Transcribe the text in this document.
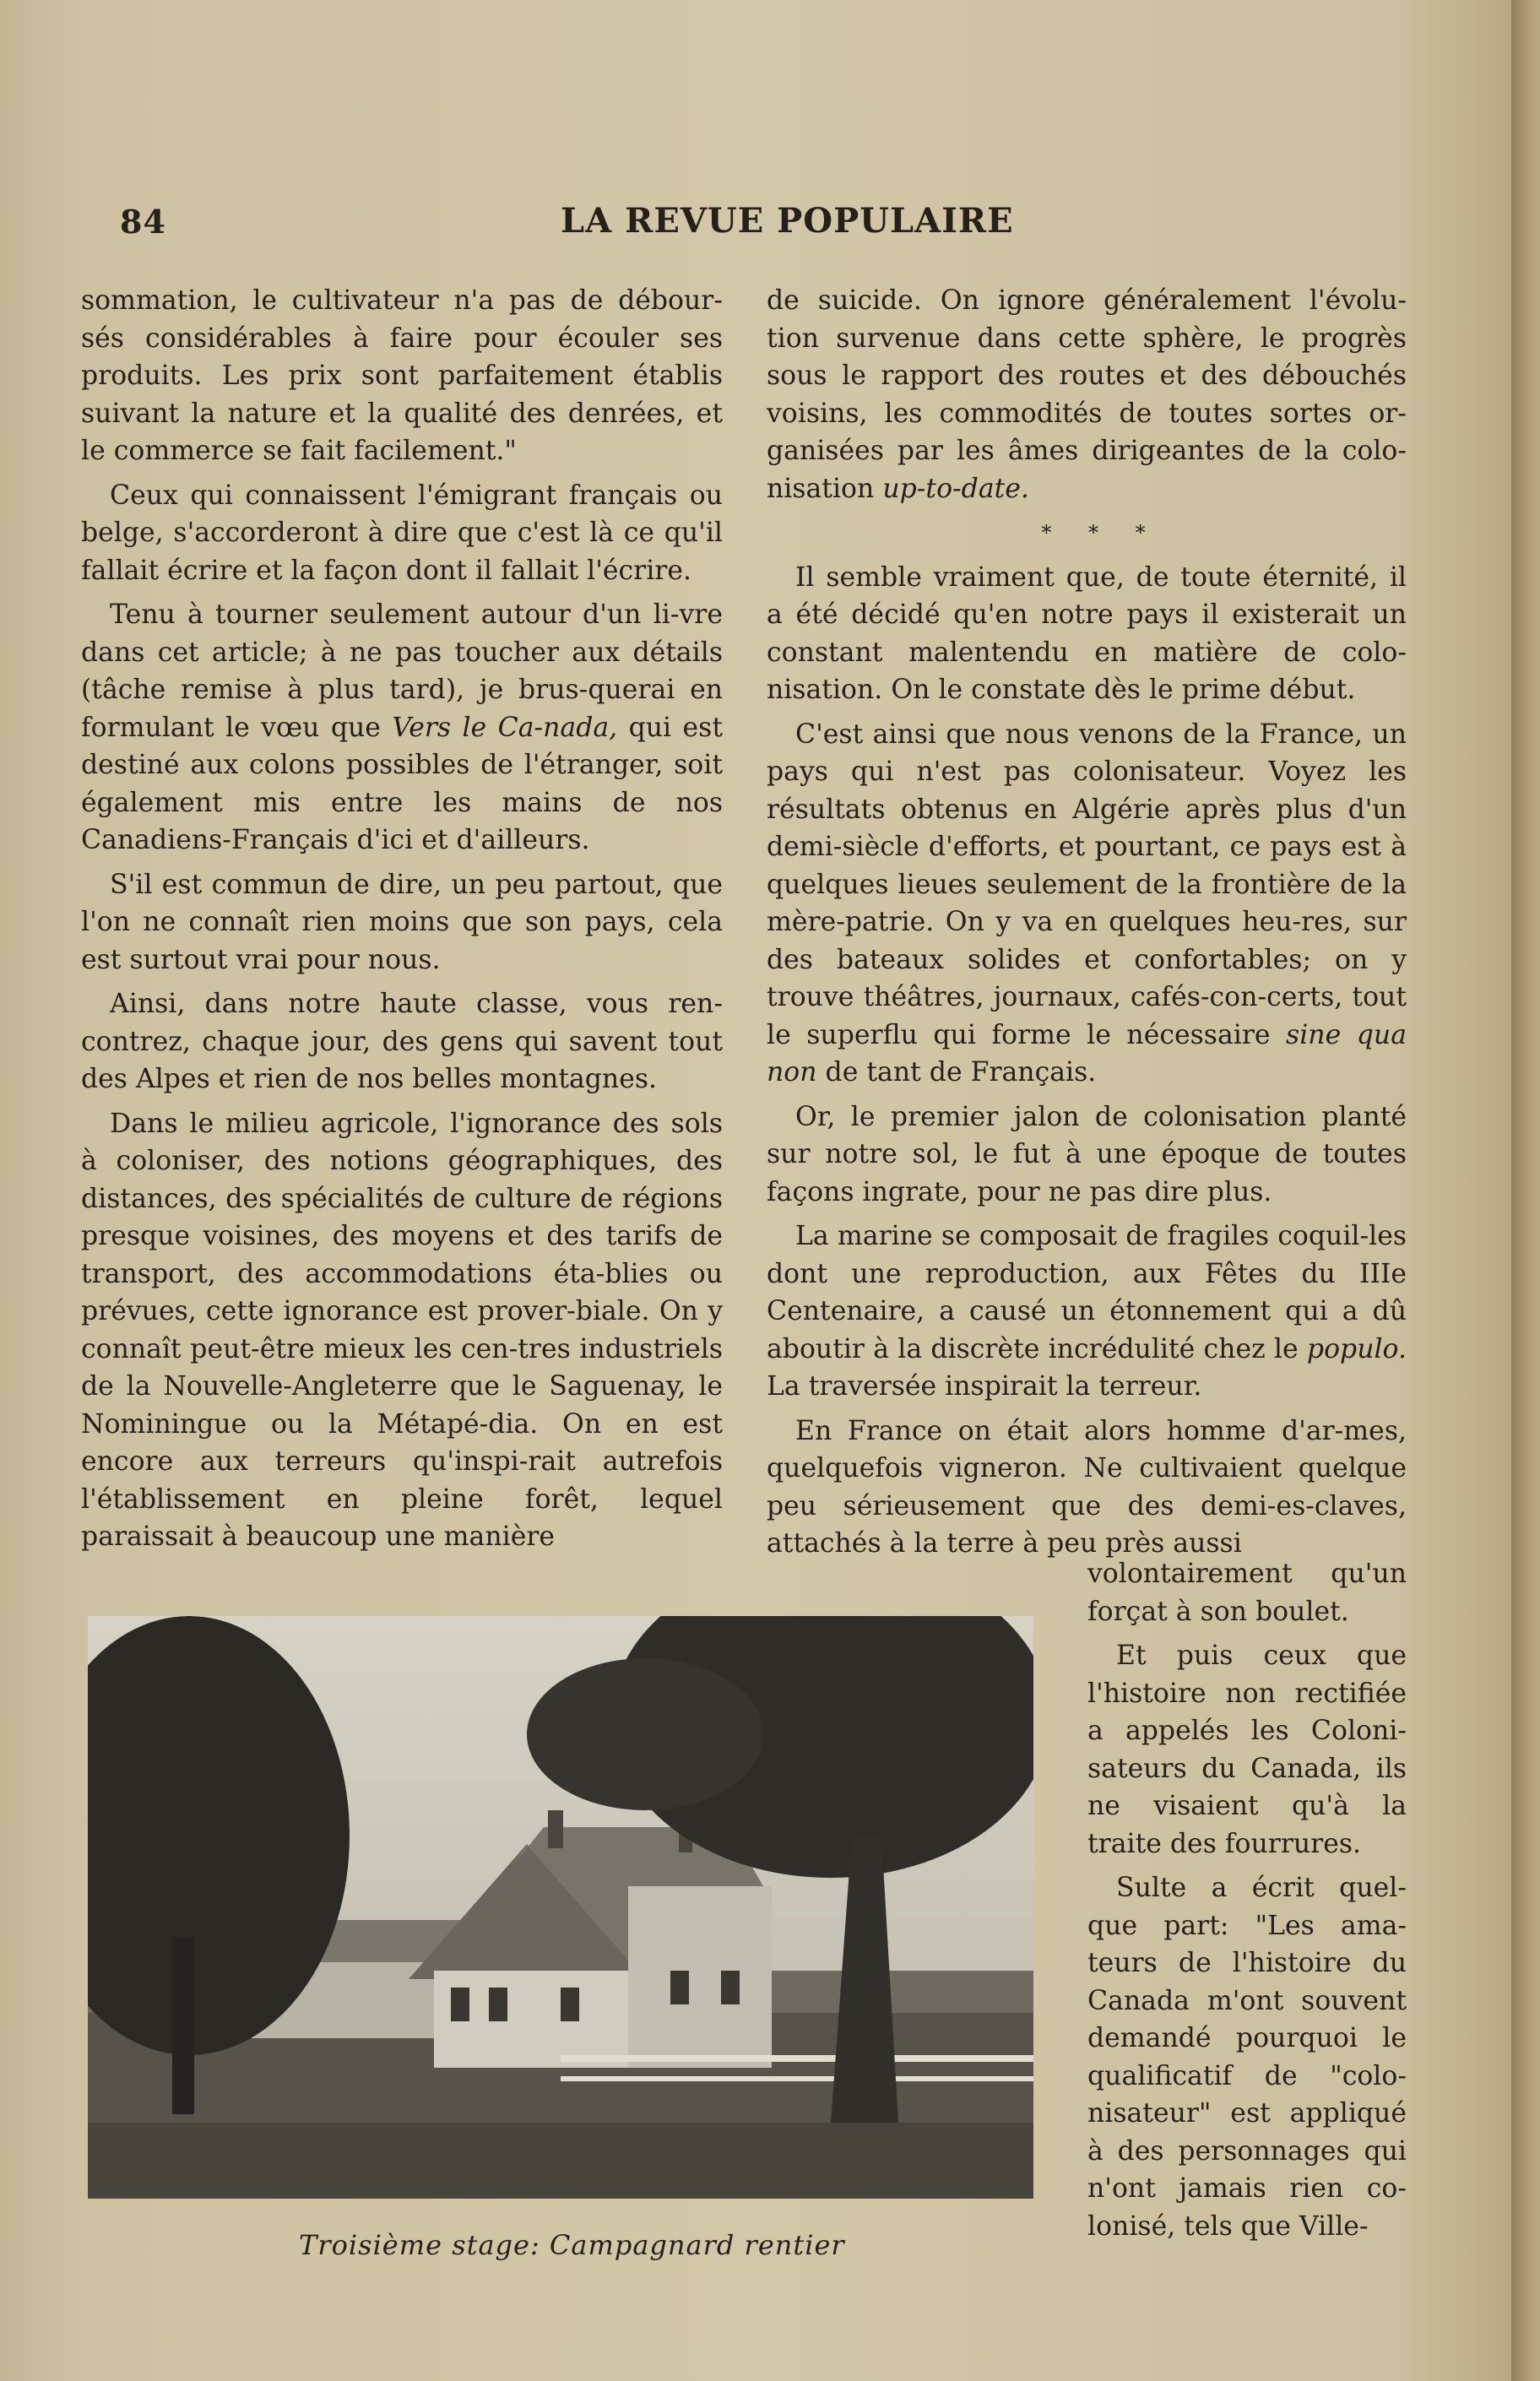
84	LA REVUE POPULAIRE

sommation, le cultivateur n'a pas de débour-sés considérables à faire pour écouler ses produits. Les prix sont parfaitement établis suivant la nature et la qualité des denrées, et le commerce se fait facilement."

Ceux qui connaissent l'émigrant français ou belge, s'accorderont à dire que c'est là ce qu'il fallait écrire et la façon dont il fallait l'écrire.

Tenu à tourner seulement autour d'un li-vre dans cet article; à ne pas toucher aux détails (tâche remise à plus tard), je brus-querai en formulant le vœu que Vers le Ca-nada, qui est destiné aux colons possibles de l'étranger, soit également mis entre les mains de nos Canadiens-Français d'ici et d'ailleurs.

S'il est commun de dire, un peu partout, que l'on ne connaît rien moins que son pays, cela est surtout vrai pour nous.

Ainsi, dans notre haute classe, vous ren-contrez, chaque jour, des gens qui savent tout des Alpes et rien de nos belles montagnes.

Dans le milieu agricole, l'ignorance des sols à coloniser, des notions géographiques, des distances, des spécialités de culture de régions presque voisines, des moyens et des tarifs de transport, des accommodations éta-blies ou prévues, cette ignorance est prover-biale. On y connaît peut-être mieux les cen-tres industriels de la Nouvelle-Angleterre que le Saguenay, le Nominingue ou la Métapé-dia. On en est encore aux terreurs qu'inspi-rait autrefois l'établissement en pleine forêt, lequel paraissait à beaucoup une manière

de suicide. On ignore généralement l'évolu-tion survenue dans cette sphère, le progrès sous le rapport des routes et des débouchés voisins, les commodités de toutes sortes or-ganisées par les âmes dirigeantes de la colo-nisation up-to-date.

* * *

Il semble vraiment que, de toute éternité, il a été décidé qu'en notre pays il existerait un constant malentendu en matière de colo-nisation. On le constate dès le prime début.

C'est ainsi que nous venons de la France, un pays qui n'est pas colonisateur. Voyez les résultats obtenus en Algérie après plus d'un demi-siècle d'efforts, et pourtant, ce pays est à quelques lieues seulement de la frontière de la mère-patrie. On y va en quelques heu-res, sur des bateaux solides et confortables; on y trouve théâtres, journaux, cafés-con-certs, tout le superflu qui forme le nécessaire sine qua non de tant de Français.

Or, le premier jalon de colonisation planté sur notre sol, le fut à une époque de toutes façons ingrate, pour ne pas dire plus.

La marine se composait de fragiles coquil-les dont une reproduction, aux Fêtes du IIIe Centenaire, a causé un étonnement qui a dû aboutir à la discrète incrédulité chez le populo. La traversée inspirait la terreur.

En France on était alors homme d'ar-mes, quelquefois vigneron. Ne cultivaient quelque peu sérieusement que des demi-es-claves, attachés à la terre à peu près aussi

volontairement qu'un forçat à son boulet.

Et puis ceux que l'histoire non rectifiée a appelés les Coloni-sateurs du Canada, ils ne visaient qu'à la traite des fourrures.

Sulte a écrit quel-que part: "Les ama-teurs de l'histoire du Canada m'ont souvent demandé pourquoi le qualificatif de "colo-nisateur" est appliqué à des personnages qui n'ont jamais rien co-lonisé, tels que Ville-

Troisième stage: Campagnard rentier
